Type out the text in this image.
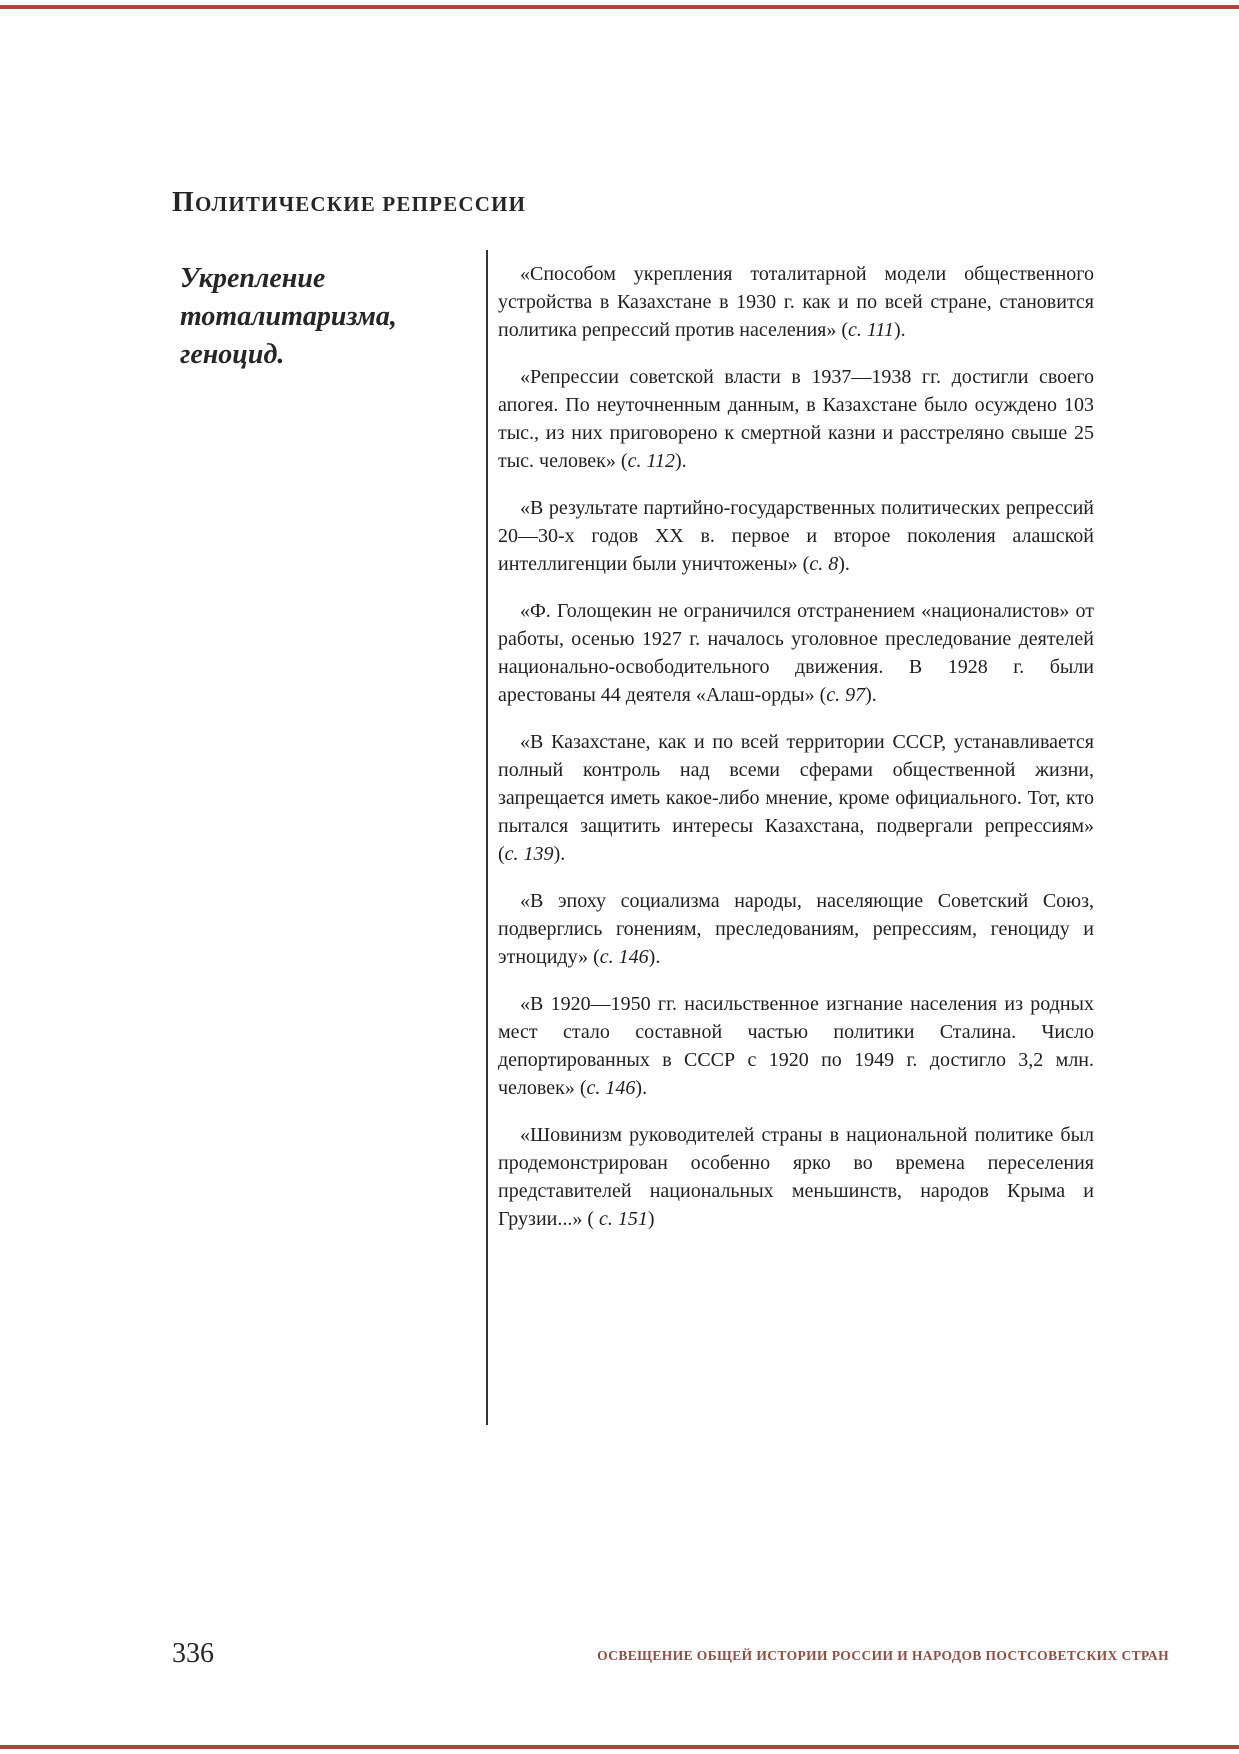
ПОЛИТИЧЕСКИЕ РЕПРЕССИИ
Укрепление тоталитаризма, геноцид.

«Способом укрепления тоталитарной модели общественного устройства в Казахстане в 1930 г. как и по всей стране, становится политика репрессий против населения» (с. 111).

«Репрессии советской власти в 1937—1938 гг. достигли своего апогея. По неуточненным данным, в Казахстане было осуждено 103 тыс., из них приговорено к смертной казни и расстреляно свыше 25 тыс. человек» (с. 112).

«В результате партийно-государственных политических репрессий 20—30-х годов ХХ в. первое и второе поколения алашской интеллигенции были уничтожены» (с. 8).

«Ф. Голощекин не ограничился отстранением «националистов» от работы, осенью 1927 г. началось уголовное преследование деятелей национально-освободительного движения. В 1928 г. были арестованы 44 деятеля «Алаш-орды» (с. 97).

«В Казахстане, как и по всей территории СССР, устанавливается полный контроль над всеми сферами общественной жизни, запрещается иметь какое-либо мнение, кроме официального. Тот, кто пытался защитить интересы Казахстана, подвергали репрессиям» (с. 139).

«В эпоху социализма народы, населяющие Советский Союз, подверглись гонениям, преследованиям, репрессиям, геноциду и этноциду» (с. 146).

«В 1920—1950 гг. насильственное изгнание населения из родных мест стало составной частью политики Сталина. Число депортированных в СССР с 1920 по 1949 г. достигло 3,2 млн. человек» (с. 146).

«Шовинизм руководителей страны в национальной политике был продемонстрирован особенно ярко во времена переселения представителей национальных меньшинств, народов Крыма и Грузии...» ( с. 151)

336	ОСВЕЩЕНИЕ ОБЩЕЙ ИСТОРИИ РОССИИ И НАРОДОВ ПОСТСОВЕТСКИХ СТРАН
